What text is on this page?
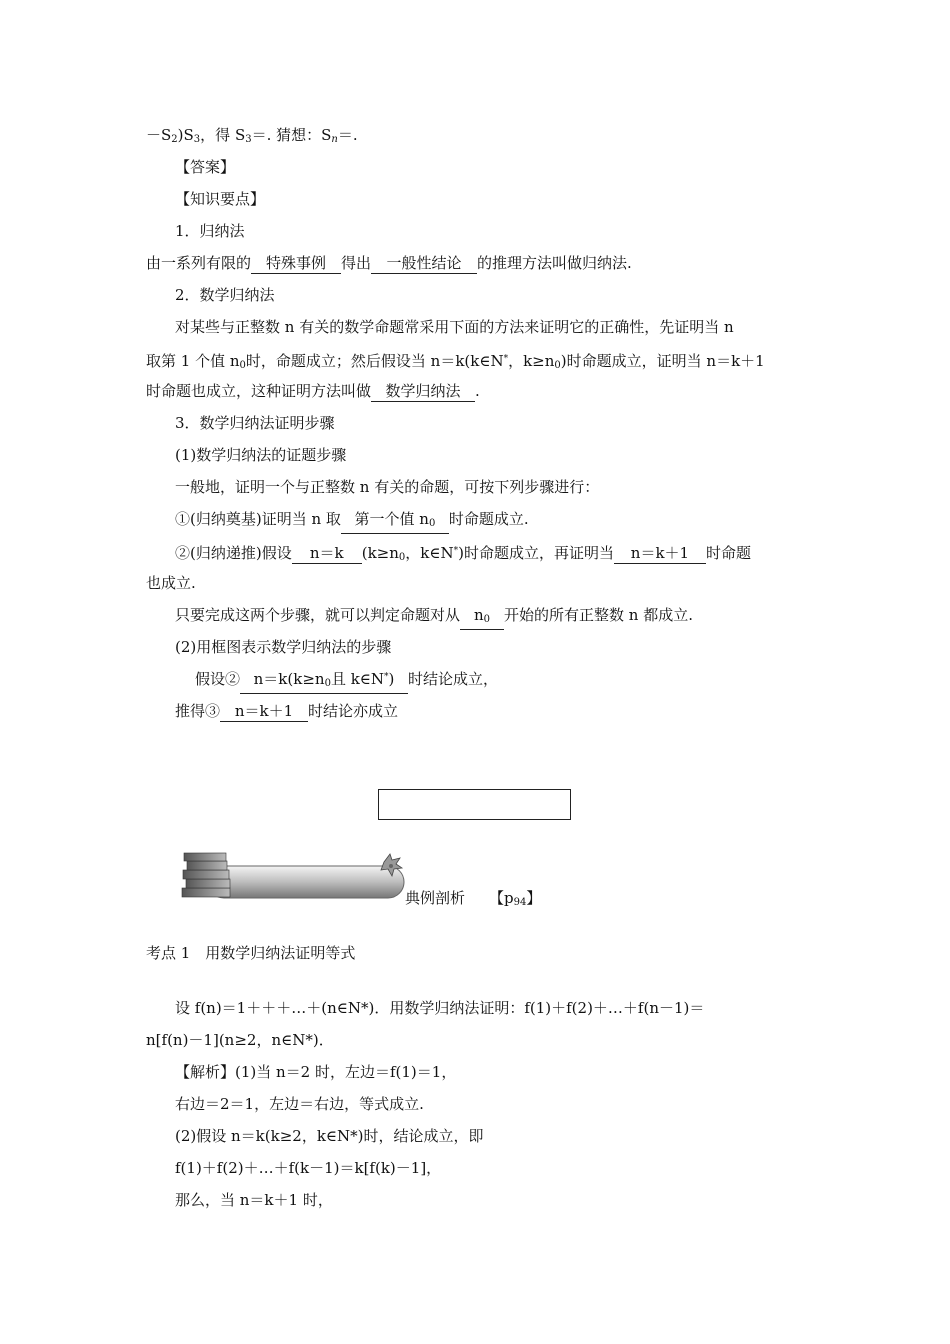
$-S_2)S_3$，得 $S_3=$. 猜想：$S_n=$.
【答案】
【知识要点】
1．归纳法
由一系列有限的 特殊事例 得出 一般性结论 的推理方法叫做归纳法.
2．数学归纳法
对某些与正整数 n 有关的数学命题常采用下面的方法来证明它的正确性，先证明当 n
取第 1 个值 $n_0$时，命题成立；然后假设当 n＝k(k∈N*，$k\ge n_0$)时命题成立，证明当 n＝k＋1
时命题也成立，这种证明方法叫做 数学归纳法 .
3．数学归纳法证明步骤
(1)数学归纳法的证题步骤
一般地，证明一个与正整数 n 有关的命题，可按下列步骤进行：
①(归纳奠基)证明当 n 取 第一个值 $n_0$ 时命题成立.
②(归纳递推)假设 n＝k ($k\ge n_0$，k∈N*)时命题成立，再证明当 n＝k＋1 时命题
也成立.
只要完成这两个步骤，就可以判定命题对从 $n_0$ 开始的所有正整数 n 都成立.
(2)用框图表示数学归纳法的步骤
假设② $n=k(k\ge n_0$且 k∈N*) 时结论成立，
推得③ n＝k＋1 时结论亦成立
典例剖析 【$p_{94}$】
考点 1　用数学归纳法证明等式
设 f(n)＝1＋＋＋…＋(n∈N*)．用数学归纳法证明：f(1)＋f(2)＋…＋f(n－1)＝
n[f(n)－1](n≥2，n∈N*)．
【解析】(1)当 n＝2 时，左边＝f(1)＝1，
右边＝2＝1，左边＝右边，等式成立.
(2)假设 n＝k(k≥2，k∈N*)时，结论成立，即
f(1)＋f(2)＋…＋f(k－1)＝k[f(k)－1]，
那么，当 n＝k＋1 时，
